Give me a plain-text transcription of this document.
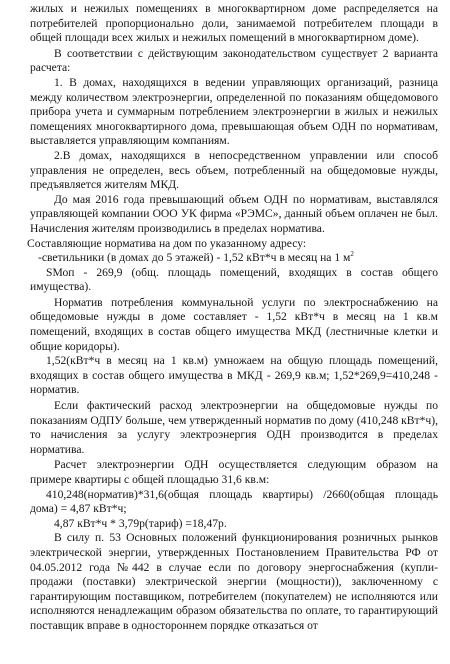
жилых и нежилых помещениях в многоквартирном доме распределяется на потребителей пропорционально доли, занимаемой потребителем площади в общей площади всех жилых и нежилых помещений в многоквартирном доме).

В соответствии с действующим законодательством существует 2 варианта расчета:

1. В домах, находящихся в ведении управляющих организаций, разница между количеством электроэнергии, определенной по показаниям общедомового прибора учета и суммарным потреблением электроэнергии в жилых и нежилых помещениях многоквартирного дома, превышающая объем ОДН по нормативам, выставляется управляющим компаниям.

2.В домах, находящихся в непосредственном управлении или способ управления не определен, весь объем, потребленный на общедомовые нужды, предъявляется жителям МКД.

До мая 2016 года превышающий объем ОДН по нормативам, выставлялся управляющей компании ООО УК фирма «РЭМС», данный объем оплачен не был. Начисления жителям производились в пределах норматива.

Составляющие норматива на дом по указанному адресу:

-светильники (в домах до 5 этажей) - 1,52 кВт*ч в месяц на 1 $м^2$

SМоп - 269,9 (общ. площадь помещений, входящих в состав общего имущества).

Норматив потребления коммунальной услуги по электроснабжению на общедомовые нужды в доме составляет - 1,52 кВт*ч в месяц на 1 кв.м помещений, входящих в состав общего имущества МКД (лестничные клетки и общие коридоры).

1,52(кВт*ч в месяц на 1 кв.м) умножаем на общую площадь помещений, входящих в состав общего имущества в МКД - 269,9 кв.м; 1,52*269,9=410,248 - норматив.

Если фактический расход электроэнергии на общедомовые нужды по показаниям ОДПУ больше, чем утвержденный норматив по дому (410,248 кВт*ч), то начисления за услугу электроэнергия ОДН производится в пределах норматива.

Расчет электроэнергии ОДН осуществляется следующим образом на примере квартиры с общей площадью 31,6 кв.м:

410,248(норматив)*31,6(общая площадь квартиры) /2660(общая площадь дома) = 4,87 кВт*ч;

4,87 кВт*ч * 3,79р(тариф) =18,47р.

В силу п. 53 Основных положений функционирования розничных рынков электрической энергии, утвержденных Постановлением Правительства РФ от 04.05.2012 года №442 в случае если по договору энергоснабжения (купли-продажи (поставки) электрической энергии (мощности)), заключенному с гарантирующим поставщиком, потребителем (покупателем) не исполняются или исполняются ненадлежащим образом обязательства по оплате, то гарантирующий поставщик вправе в одностороннем порядке отказаться от
